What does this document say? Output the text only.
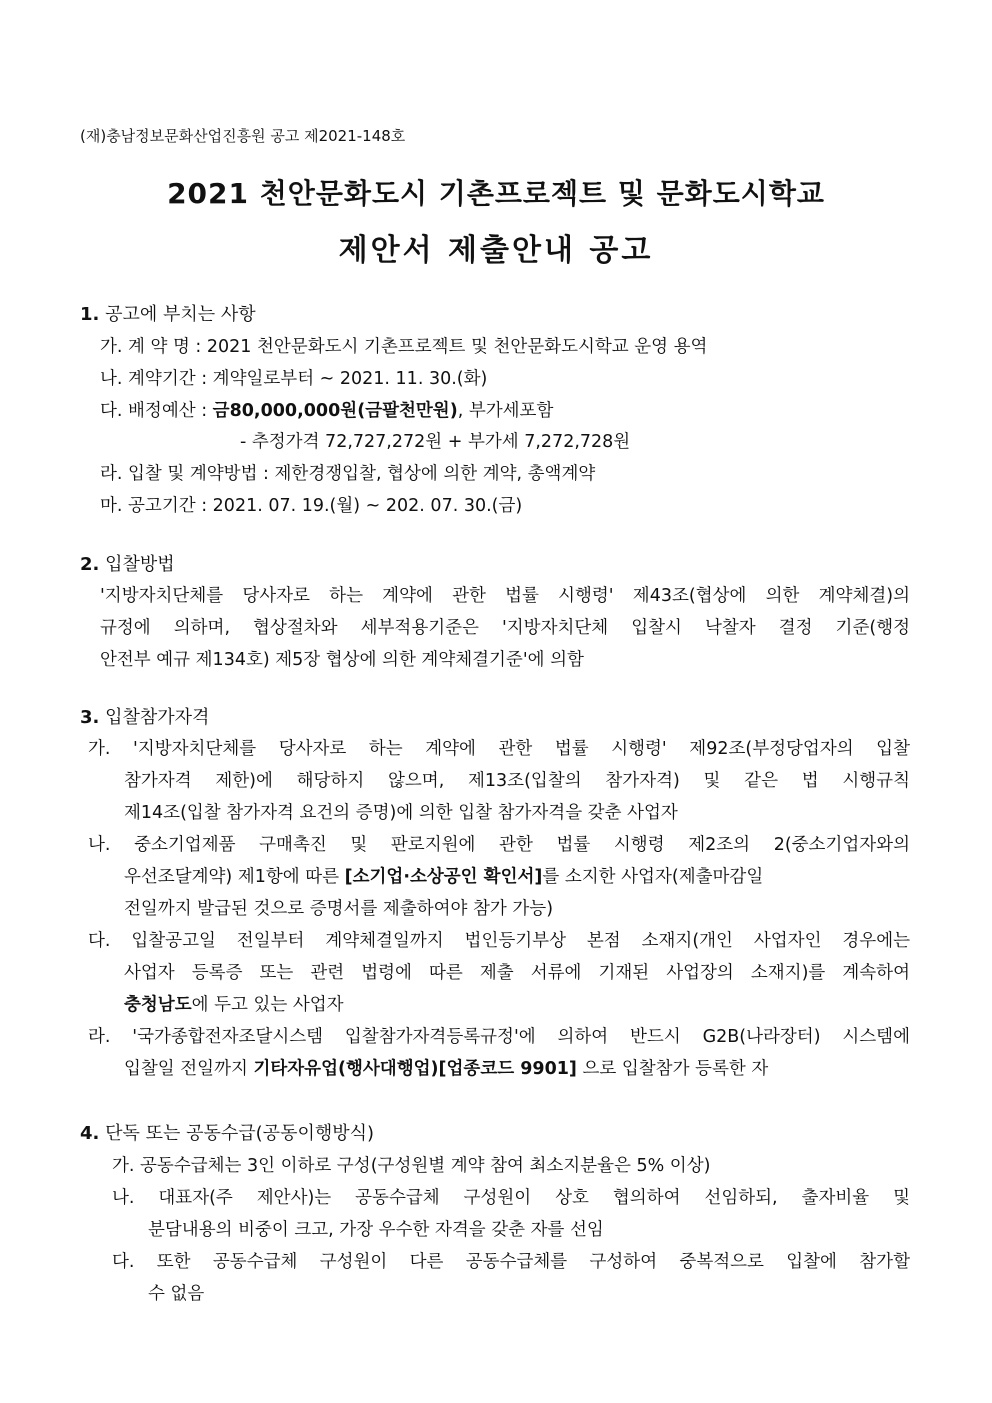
(재)충남정보문화산업진흥원 공고 제2021-148호
2021 천안문화도시 기촌프로젝트 및 문화도시학교
제안서 제출안내 공고
1. 공고에 부치는 사항
가. 계 약 명 : 2021 천안문화도시 기촌프로젝트 및 천안문화도시학교 운영 용역
나. 계약기간 : 계약일로부터 ~ 2021. 11. 30.(화)
다. 배정예산 : 금80,000,000원(금팔천만원), 부가세포함
- 추정가격 72,727,272원 + 부가세 7,272,728원
라. 입찰 및 계약방법 : 제한경쟁입찰, 협상에 의한 계약, 총액계약
마. 공고기간 : 2021. 07. 19.(월) ~ 202. 07. 30.(금)
2. 입찰방법
'지방자치단체를 당사자로 하는 계약에 관한 법률 시행령' 제43조(협상에 의한 계약체결)의
규정에 의하며, 협상절차와 세부적용기준은 '지방자치단체 입찰시 낙찰자 결정 기준(행정
안전부 예규 제134호) 제5장 협상에 의한 계약체결기준'에 의함
3. 입찰참가자격
가. '지방자치단체를 당사자로 하는 계약에 관한 법률 시행령' 제92조(부정당업자의 입찰
참가자격 제한)에 해당하지 않으며, 제13조(입찰의 참가자격) 및 같은 법 시행규칙
제14조(입찰 참가자격 요건의 증명)에 의한 입찰 참가자격을 갖춘 사업자
나. 중소기업제품 구매촉진 및 판로지원에 관한 법률 시행령 제2조의 2(중소기업자와의
우선조달계약) 제1항에 따른 [소기업·소상공인 확인서]를 소지한 사업자(제출마감일
전일까지 발급된 것으로 증명서를 제출하여야 참가 가능)
다. 입찰공고일 전일부터 계약체결일까지 법인등기부상 본점 소재지(개인 사업자인 경우에는
사업자 등록증 또는 관련 법령에 따른 제출 서류에 기재된 사업장의 소재지)를 계속하여
충청남도에 두고 있는 사업자
라. '국가종합전자조달시스템 입찰참가자격등록규정'에 의하여 반드시 G2B(나라장터) 시스템에
입찰일 전일까지 기타자유업(행사대행업)[업종코드 9901] 으로 입찰참가 등록한 자
4. 단독 또는 공동수급(공동이행방식)
가. 공동수급체는 3인 이하로 구성(구성원별 계약 참여 최소지분율은 5% 이상)
나. 대표자(주 제안사)는 공동수급체 구성원이 상호 협의하여 선임하되, 출자비율 및
분담내용의 비중이 크고, 가장 우수한 자격을 갖춘 자를 선임
다. 또한 공동수급체 구성원이 다른 공동수급체를 구성하여 중복적으로 입찰에 참가할
수 없음
